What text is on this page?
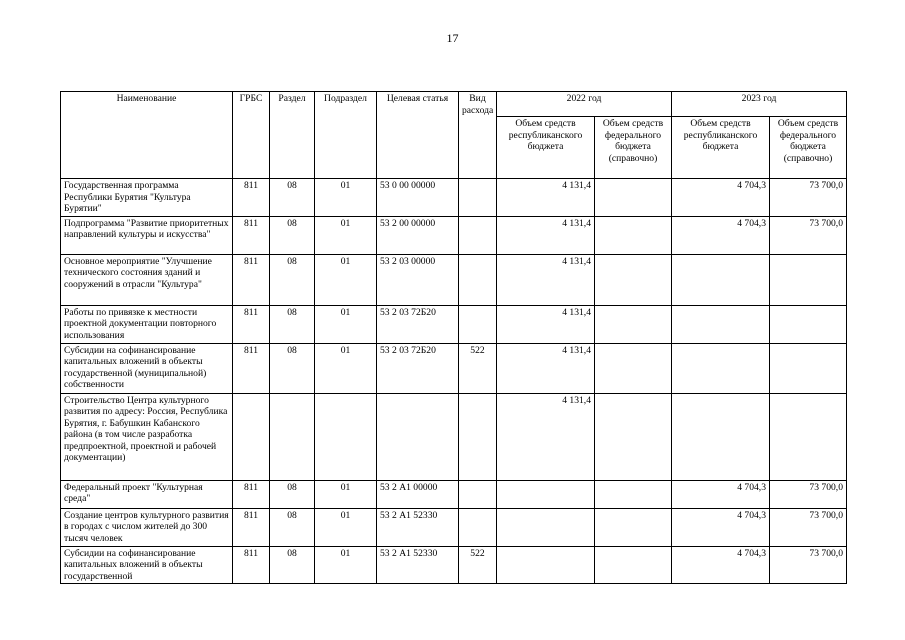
17
Наименование	ГРБС	Раздел	Подраздел	Целевая статья	Вид расхода	2022 год		2023 год	
						Объем средств республиканского бюджета	Объем средств федерального бюджета (справочно)	Объем средств республиканского бюджета	Объем средств федерального бюджета (справочно)
Государственная программа Республики Бурятия "Культура Бурятии"	811	08	01	53 0 00 00000		4 131,4		4 704,3	73 700,0
Подпрограмма "Развитие приоритетных направлений культуры и искусства"	811	08	01	53 2 00 00000		4 131,4		4 704,3	73 700,0
Основное мероприятие "Улучшение технического состояния зданий и сооружений в отрасли "Культура"	811	08	01	53 2 03 00000		4 131,4			
Работы по привязке к местности проектной документации повторного использования	811	08	01	53 2 03 72Б20		4 131,4			
Субсидии на софинансирование капитальных вложений в объекты государственной (муниципальной) собственности	811	08	01	53 2 03 72Б20	522	4 131,4			
Строительство Центра культурного развития по адресу: Россия, Республика Бурятия, г. Бабушкин Кабанского района (в том числе разработка предпроектной, проектной и рабочей документации)						4 131,4			
Федеральный проект "Культурная среда"	811	08	01	53 2 А1 00000				4 704,3	73 700,0
Создание центров культурного развития в городах с числом жителей до 300 тысяч человек	811	08	01	53 2 А1 52330				4 704,3	73 700,0
Субсидии на софинансирование капитальных вложений в объекты государственной	811	08	01	53 2 А1 52330	522			4 704,3	73 700,0
